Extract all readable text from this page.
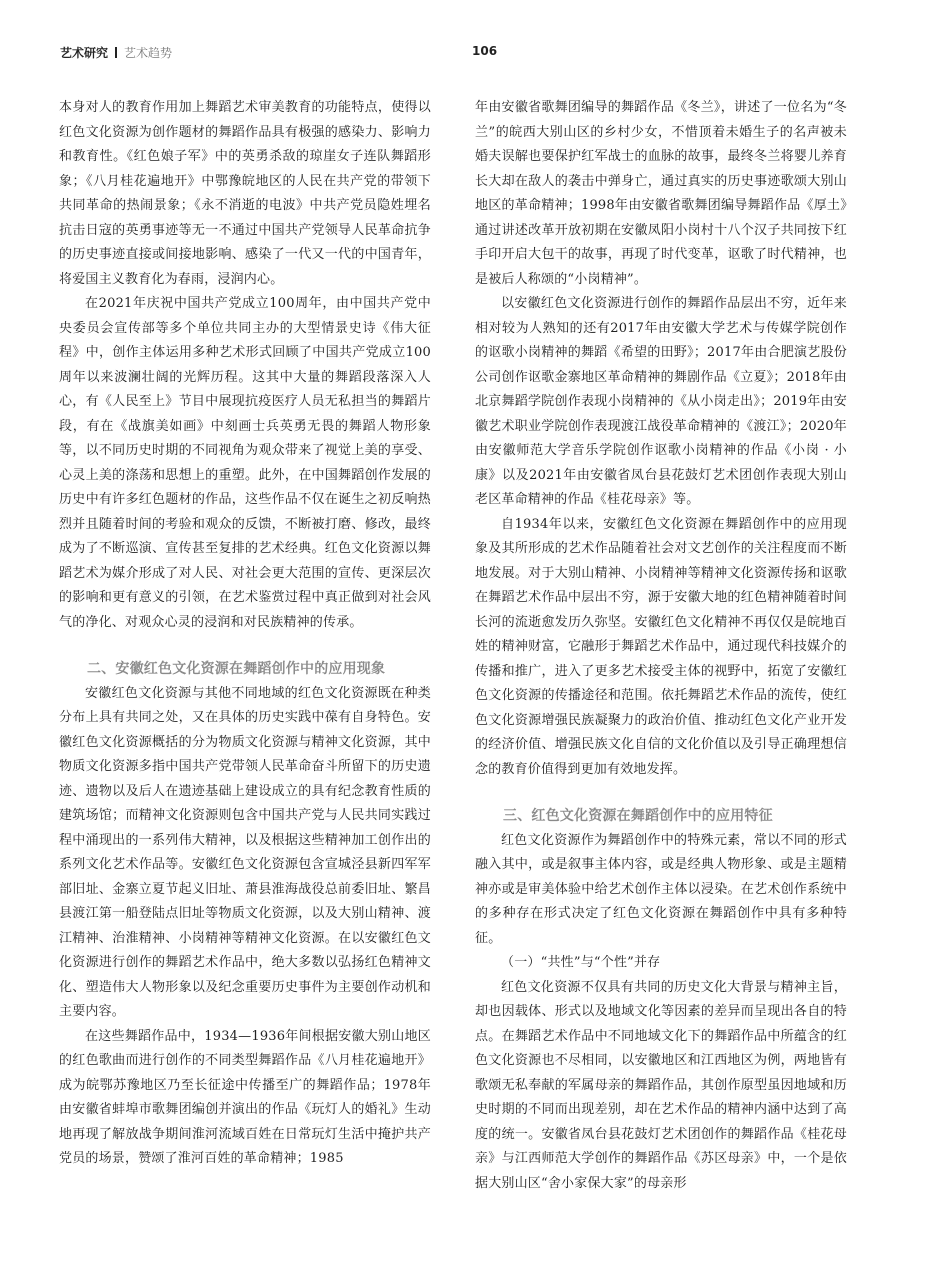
艺术研究 艺术趋势	106

本身对人的教育作用加上舞蹈艺术审美教育的功能特点，使得以红色文化资源为创作题材的舞蹈作品具有极强的感染力、影响力和教育性。《红色娘子军》中的英勇杀敌的琼崖女子连队舞蹈形象；《八月桂花遍地开》中鄂豫皖地区的人民在共产党的带领下共同革命的热闹景象；《永不消逝的电波》中共产党员隐姓埋名抗击日寇的英勇事迹等无一不通过中国共产党领导人民革命抗争的历史事迹直接或间接地影响、感染了一代又一代的中国青年，将爱国主义教育化为春雨，浸润内心。

在2021年庆祝中国共产党成立100周年，由中国共产党中央委员会宣传部等多个单位共同主办的大型情景史诗《伟大征程》中，创作主体运用多种艺术形式回顾了中国共产党成立100周年以来波澜壮阔的光辉历程。这其中大量的舞蹈段落深入人心，有《人民至上》节目中展现抗疫医疗人员无私担当的舞蹈片段，有在《战旗美如画》中刻画士兵英勇无畏的舞蹈人物形象等，以不同历史时期的不同视角为观众带来了视觉上美的享受、心灵上美的涤荡和思想上的重塑。此外，在中国舞蹈创作发展的历史中有许多红色题材的作品，这些作品不仅在诞生之初反响热烈并且随着时间的考验和观众的反馈，不断被打磨、修改，最终成为了不断巡演、宣传甚至复排的艺术经典。红色文化资源以舞蹈艺术为媒介形成了对人民、对社会更大范围的宣传、更深层次的影响和更有意义的引领，在艺术鉴赏过程中真正做到对社会风气的净化、对观众心灵的浸润和对民族精神的传承。

二、安徽红色文化资源在舞蹈创作中的应用现象

安徽红色文化资源与其他不同地域的红色文化资源既在种类分布上具有共同之处，又在具体的历史实践中葆有自身特色。安徽红色文化资源概括的分为物质文化资源与精神文化资源，其中物质文化资源多指中国共产党带领人民革命奋斗所留下的历史遗迹、遗物以及后人在遗迹基础上建设成立的具有纪念教育性质的建筑场馆；而精神文化资源则包含中国共产党与人民共同实践过程中涌现出的一系列伟大精神，以及根据这些精神加工创作出的系列文化艺术作品等。安徽红色文化资源包含宣城泾县新四军军部旧址、金寨立夏节起义旧址、萧县淮海战役总前委旧址、繁昌县渡江第一船登陆点旧址等物质文化资源，以及大别山精神、渡江精神、治淮精神、小岗精神等精神文化资源。在以安徽红色文化资源进行创作的舞蹈艺术作品中，绝大多数以弘扬红色精神文化、塑造伟大人物形象以及纪念重要历史事件为主要创作动机和主要内容。

在这些舞蹈作品中，1934—1936年间根据安徽大别山地区的红色歌曲而进行创作的不同类型舞蹈作品《八月桂花遍地开》成为皖鄂苏豫地区乃至长征途中传播至广的舞蹈作品；1978年由安徽省蚌埠市歌舞团编创并演出的作品《玩灯人的婚礼》生动地再现了解放战争期间淮河流域百姓在日常玩灯生活中掩护共产党员的场景，赞颂了淮河百姓的革命精神；1985

年由安徽省歌舞团编导的舞蹈作品《冬兰》，讲述了一位名为“冬兰”的皖西大别山区的乡村少女，不惜顶着未婚生子的名声被未婚夫误解也要保护红军战士的血脉的故事，最终冬兰将婴儿养育长大却在敌人的袭击中弹身亡，通过真实的历史事迹歌颂大别山地区的革命精神；1998年由安徽省歌舞团编导舞蹈作品《厚土》通过讲述改革开放初期在安徽凤阳小岗村十八个汉子共同按下红手印开启大包干的故事，再现了时代变革，讴歌了时代精神，也是被后人称颂的“小岗精神”。

以安徽红色文化资源进行创作的舞蹈作品层出不穷，近年来相对较为人熟知的还有2017年由安徽大学艺术与传媒学院创作的讴歌小岗精神的舞蹈《希望的田野》；2017年由合肥演艺股份公司创作讴歌金寨地区革命精神的舞剧作品《立夏》；2018年由北京舞蹈学院创作表现小岗精神的《从小岗走出》；2019年由安徽艺术职业学院创作表现渡江战役革命精神的《渡江》；2020年由安徽师范大学音乐学院创作讴歌小岗精神的作品《小岗 · 小康》以及2021年由安徽省凤台县花鼓灯艺术团创作表现大别山老区革命精神的作品《桂花母亲》等。

自1934年以来，安徽红色文化资源在舞蹈创作中的应用现象及其所形成的艺术作品随着社会对文艺创作的关注程度而不断地发展。对于大别山精神、小岗精神等精神文化资源传扬和讴歌在舞蹈艺术作品中层出不穷，源于安徽大地的红色精神随着时间长河的流逝愈发历久弥坚。安徽红色文化精神不再仅仅是皖地百姓的精神财富，它融形于舞蹈艺术作品中，通过现代科技媒介的传播和推广，进入了更多艺术接受主体的视野中，拓宽了安徽红色文化资源的传播途径和范围。依托舞蹈艺术作品的流传，使红色文化资源增强民族凝聚力的政治价值、推动红色文化产业开发的经济价值、增强民族文化自信的文化价值以及引导正确理想信念的教育价值得到更加有效地发挥。

三、红色文化资源在舞蹈创作中的应用特征

红色文化资源作为舞蹈创作中的特殊元素，常以不同的形式融入其中，或是叙事主体内容，或是经典人物形象、或是主题精神亦或是审美体验中给艺术创作主体以浸染。在艺术创作系统中的多种存在形式决定了红色文化资源在舞蹈创作中具有多种特征。

（一）“共性”与“个性”并存

红色文化资源不仅具有共同的历史文化大背景与精神主旨，却也因载体、形式以及地域文化等因素的差异而呈现出各自的特点。在舞蹈艺术作品中不同地域文化下的舞蹈作品中所蕴含的红色文化资源也不尽相同，以安徽地区和江西地区为例，两地皆有歌颂无私奉献的军属母亲的舞蹈作品，其创作原型虽因地域和历史时期的不同而出现差别，却在艺术作品的精神内涵中达到了高度的统一。安徽省凤台县花鼓灯艺术团创作的舞蹈作品《桂花母亲》与江西师范大学创作的舞蹈作品《苏区母亲》中，一个是依据大别山区“舍小家保大家”的母亲形
